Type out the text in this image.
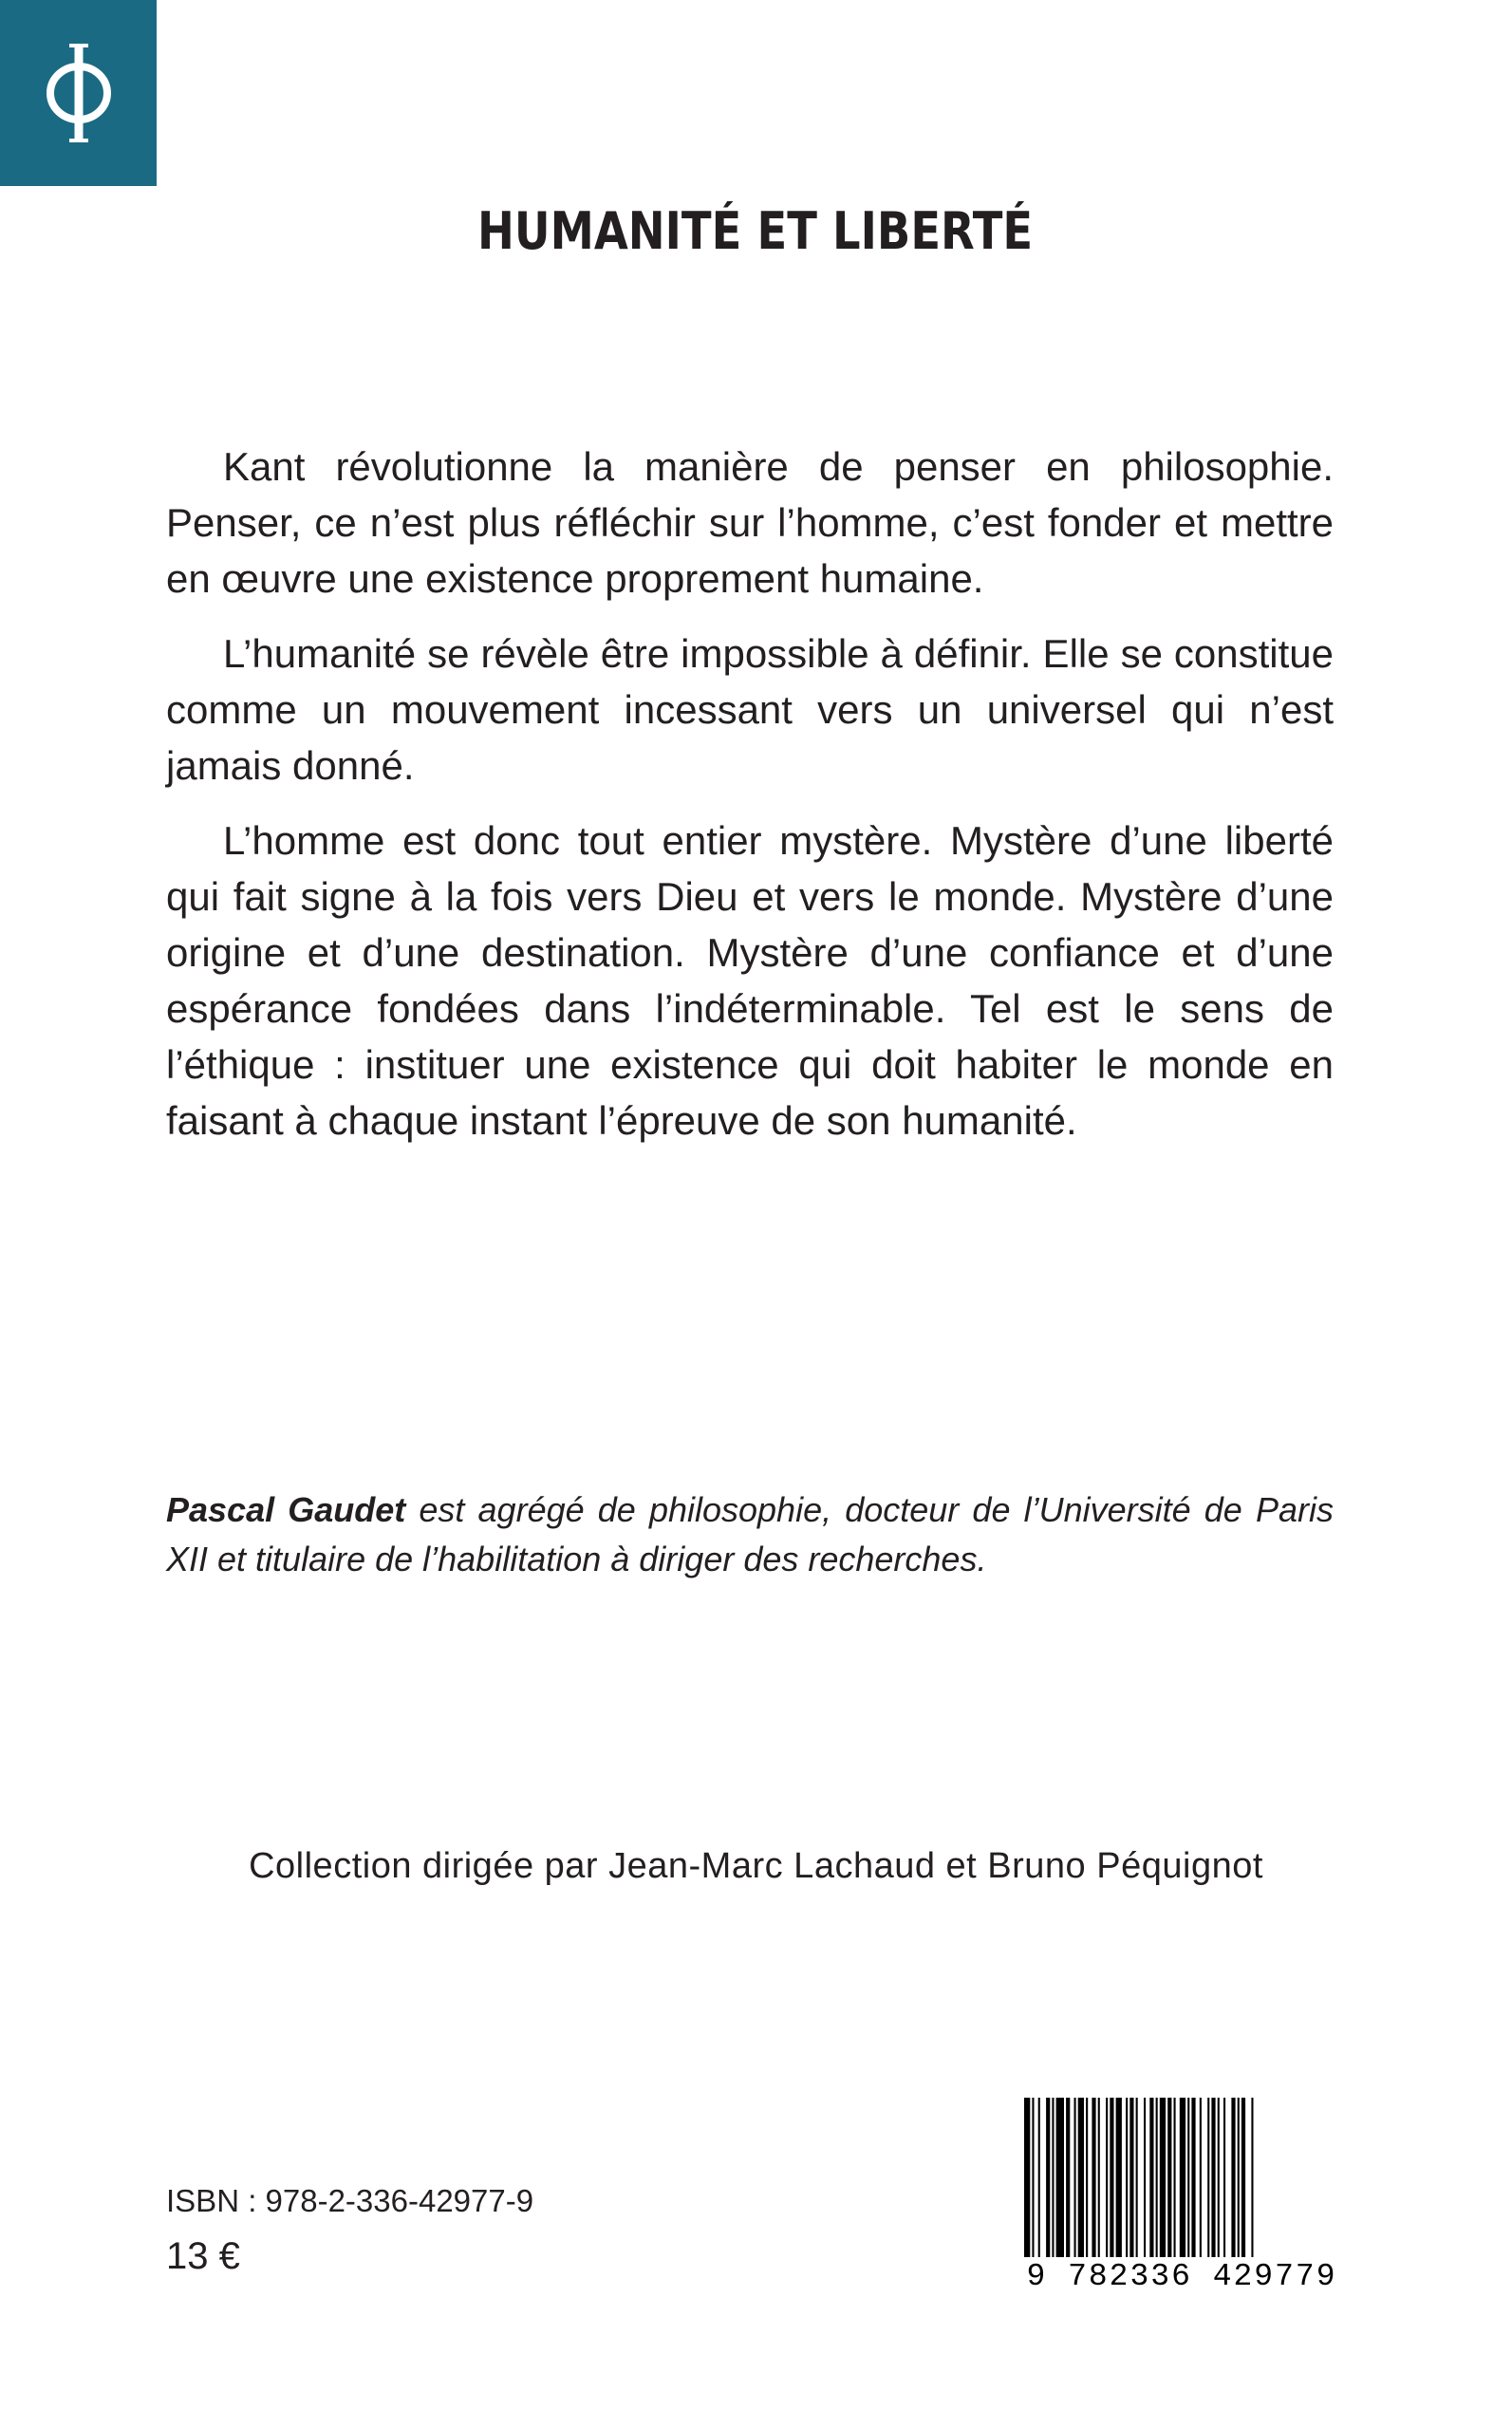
HUMANITÉ ET LIBERTÉ

Kant révolutionne la manière de penser en philosophie. Penser, ce n’est plus réfléchir sur l’homme, c’est fonder et mettre en œuvre une existence proprement humaine.

L’humanité se révèle être impossible à définir. Elle se constitue comme un mouvement incessant vers un universel qui n’est jamais donné.

L’homme est donc tout entier mystère. Mystère d’une liberté qui fait signe à la fois vers Dieu et vers le monde. Mystère d’une origine et d’une destination. Mystère d’une confiance et d’une espérance fondées dans l’indéterminable. Tel est le sens de l’éthique : instituer une existence qui doit habiter le monde en faisant à chaque instant l’épreuve de son humanité.

Pascal Gaudet est agrégé de philosophie, docteur de l’Université de Paris XII et titulaire de l’habilitation à diriger des recherches.
Collection dirigée par Jean-Marc Lachaud et Bruno Péquignot
ISBN : 978-2-336-42977-9
13 €	9 782336 429779
